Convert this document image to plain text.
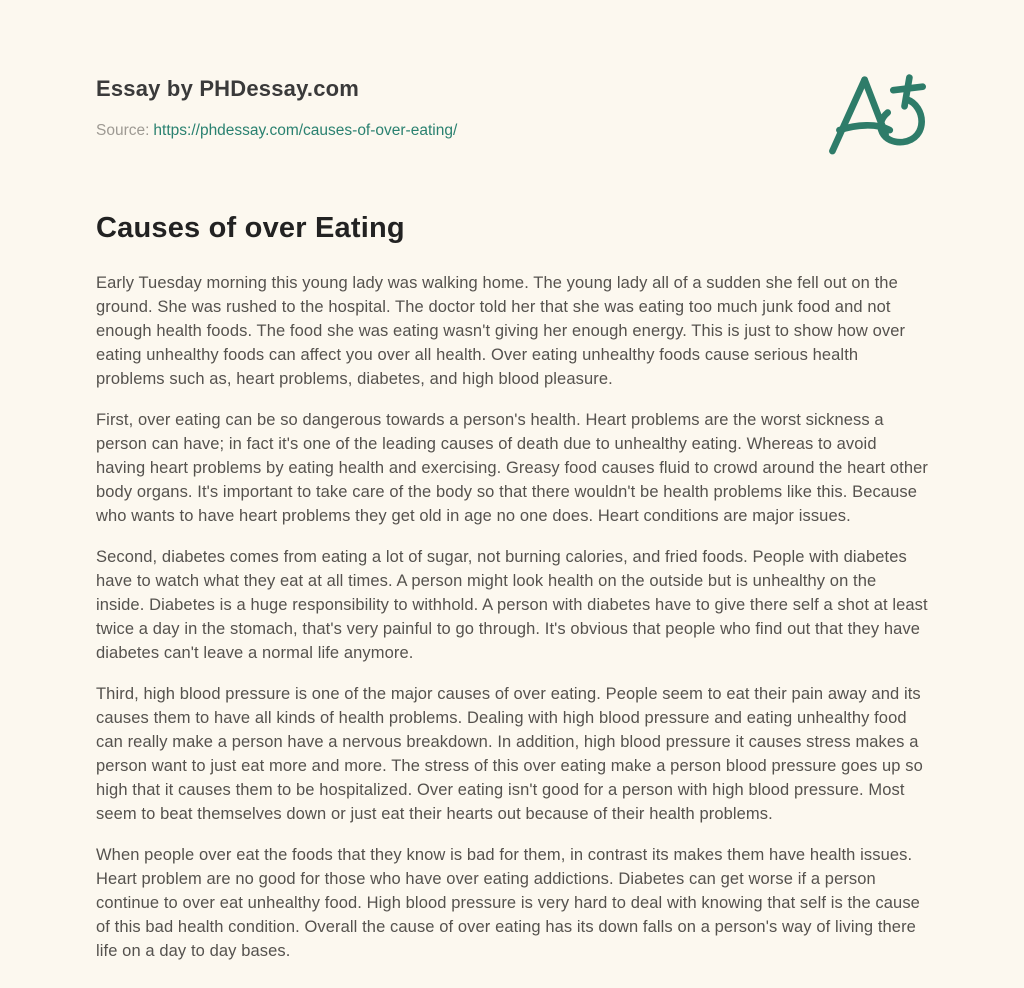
Essay by PHDessay.com
Source: https://phdessay.com/causes-of-over-eating/
Causes of over Eating

Early Tuesday morning this young lady was walking home. The young lady all of a sudden she fell out on the ground. She was rushed to the hospital. The doctor told her that she was eating too much junk food and not enough health foods. The food she was eating wasn't giving her enough energy. This is just to show how over eating unhealthy foods can affect you over all health. Over eating unhealthy foods cause serious health problems such as, heart problems, diabetes, and high blood pleasure.

First, over eating can be so dangerous towards a person's health. Heart problems are the worst sickness a person can have; in fact it's one of the leading causes of death due to unhealthy eating. Whereas to avoid having heart problems by eating health and exercising. Greasy food causes fluid to crowd around the heart other body organs. It's important to take care of the body so that there wouldn't be health problems like this. Because who wants to have heart problems they get old in age no one does. Heart conditions are major issues.

Second, diabetes comes from eating a lot of sugar, not burning calories, and fried foods. People with diabetes have to watch what they eat at all times. A person might look health on the outside but is unhealthy on the inside. Diabetes is a huge responsibility to withhold. A person with diabetes have to give there self a shot at least twice a day in the stomach, that's very painful to go through. It's obvious that people who find out that they have diabetes can't leave a normal life anymore.

Third, high blood pressure is one of the major causes of over eating. People seem to eat their pain away and its causes them to have all kinds of health problems. Dealing with high blood pressure and eating unhealthy food can really make a person have a nervous breakdown. In addition, high blood pressure it causes stress makes a person want to just eat more and more. The stress of this over eating make a person blood pressure goes up so high that it causes them to be hospitalized. Over eating isn't good for a person with high blood pressure. Most seem to beat themselves down or just eat their hearts out because of their health problems.

When people over eat the foods that they know is bad for them, in contrast its makes them have health issues. Heart problem are no good for those who have over eating addictions. Diabetes can get worse if a person continue to over eat unhealthy food. High blood pressure is very hard to deal with knowing that self is the cause of this bad health condition. Overall the cause of over eating has its down falls on a person's way of living there life on a day to day bases.
